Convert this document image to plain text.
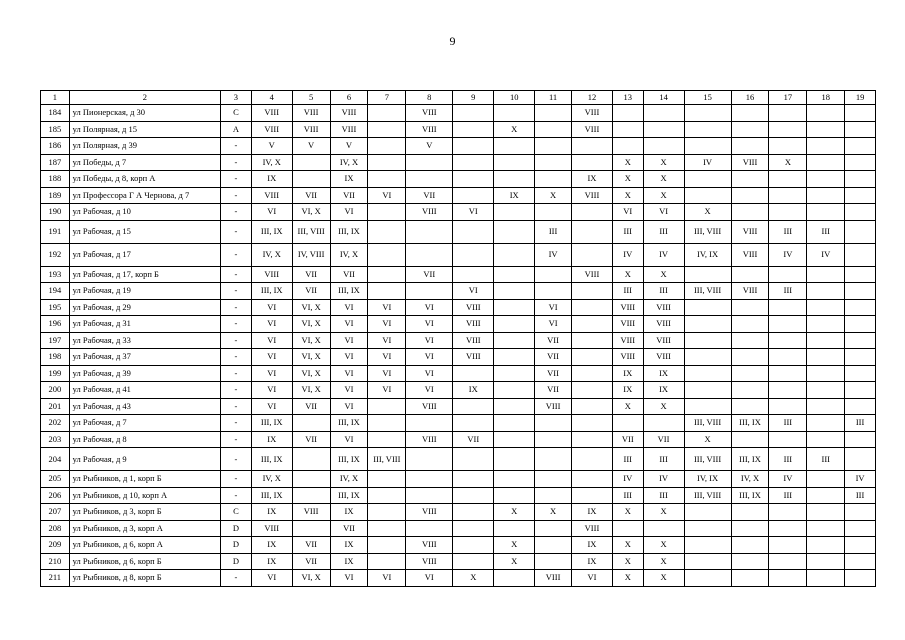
9
1	2	3	4	5	6	7	8	9	10	11	12	13	14	15	16	17	18	19
184	ул Пионерская, д 30	C	VIII	VIII	VIII		VIII				VIII							
185	ул Полярная, д 15	A	VIII	VIII	VIII		VIII		X		VIII							
186	ул Полярная, д 39	-	V	V	V		V											
187	ул Победы, д 7	-	IV, X		IV, X							X	X	IV	VIII	X		
188	ул Победы, д 8, корп А	-	IX		IX						IX	X	X					
189	ул Профессора Г А Чернова, д 7	-	VIII	VII	VII	VI	VII		IX	X	VIII	X	X					
190	ул Рабочая, д 10	-	VI	VI, X	VI		VIII	VI				VI	VI	X				
191	ул Рабочая, д 15	-	III, IX	III, VIII	III, IX					III		III	III	III, VIII	VIII	III	III	
192	ул Рабочая, д 17	-	IV, X	IV, VIII	IV, X					IV		IV	IV	IV, IX	VIII	IV	IV	
193	ул Рабочая, д 17, корп Б	-	VIII	VII	VII		VII				VIII	X	X					
194	ул Рабочая, д 19	-	III, IX	VII	III, IX			VI				III	III	III, VIII	VIII	III		
195	ул Рабочая, д 29	-	VI	VI, X	VI	VI	VI	VIII		VI		VIII	VIII					
196	ул Рабочая, д 31	-	VI	VI, X	VI	VI	VI	VIII		VI		VIII	VIII					
197	ул Рабочая, д 33	-	VI	VI, X	VI	VI	VI	VIII		VII		VIII	VIII					
198	ул Рабочая, д 37	-	VI	VI, X	VI	VI	VI	VIII		VII		VIII	VIII					
199	ул Рабочая, д 39	-	VI	VI, X	VI	VI	VI			VII		IX	IX					
200	ул Рабочая, д 41	-	VI	VI, X	VI	VI	VI	IX		VII		IX	IX					
201	ул Рабочая, д 43	-	VI	VII	VI		VIII			VIII		X	X					
202	ул Рабочая, д 7	-	III, IX		III, IX									III, VIII	III, IX	III		III
203	ул Рабочая, д 8	-	IX	VII	VI		VIII	VII				VII	VII	X				
204	ул Рабочая, д 9	-	III, IX		III, IX	III, VIII						III	III	III, VIII	III, IX	III	III	
205	ул Рыбников, д 1, корп Б	-	IV, X		IV, X							IV	IV	IV, IX	IV, X	IV		IV
206	ул Рыбников, д 10, корп А	-	III, IX		III, IX							III	III	III, VIII	III, IX	III		III
207	ул Рыбников, д 3, корп Б	C	IX	VIII	IX		VIII		X	X	IX	X	X					
208	ул Рыбников, д 3, корп А	D	VIII		VII						VIII							
209	ул Рыбников, д 6, корп А	D	IX	VII	IX		VIII		X		IX	X	X					
210	ул Рыбников, д 6, корп Б	D	IX	VII	IX		VIII		X		IX	X	X					
211	ул Рыбников, д 8, корп Б	-	VI	VI, X	VI	VI	VI	X		VIII	VI	X	X					
